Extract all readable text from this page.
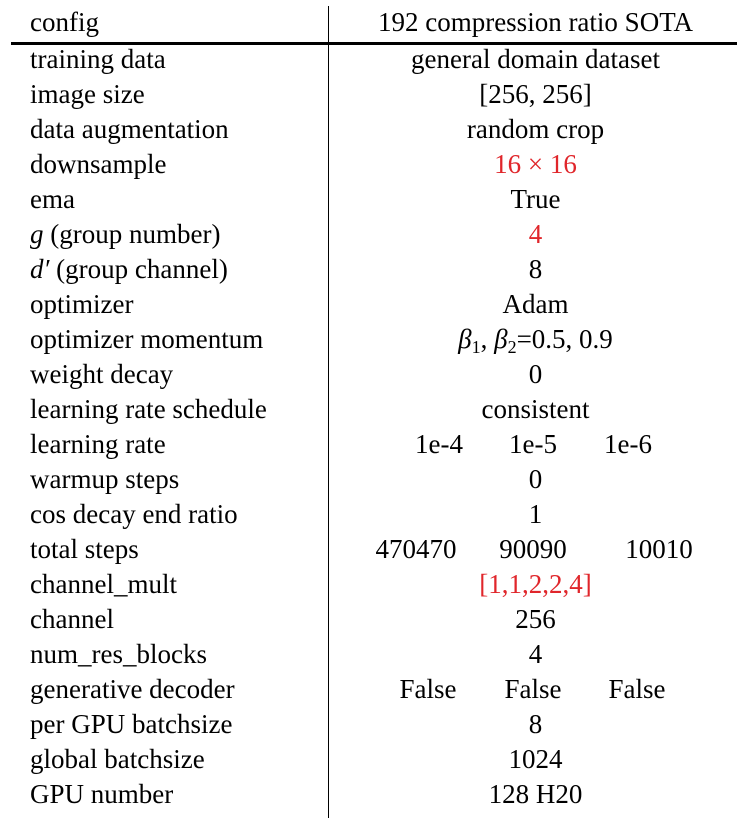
config	192 compression ratio SOTA
training data	general domain dataset
image size	[256, 256]
data augmentation	random crop
downsample	16 × 16
ema	True
g (group number)	4
d′ (group channel)	8
optimizer	Adam
optimizer momentum	$\beta_1$, $\beta_2=0.5$, 0.9
weight decay	0
learning rate schedule	consistent
learning rate	1e-4 1e-5 1e-6
warmup steps	0
cos decay end ratio	1
total steps	470470 90090 10010
channel_mult	[1,1,2,2,4]
channel	256
num_res_blocks	4
generative decoder	False False False
per GPU batchsize	8
global batchsize	1024
GPU number	128 H20
